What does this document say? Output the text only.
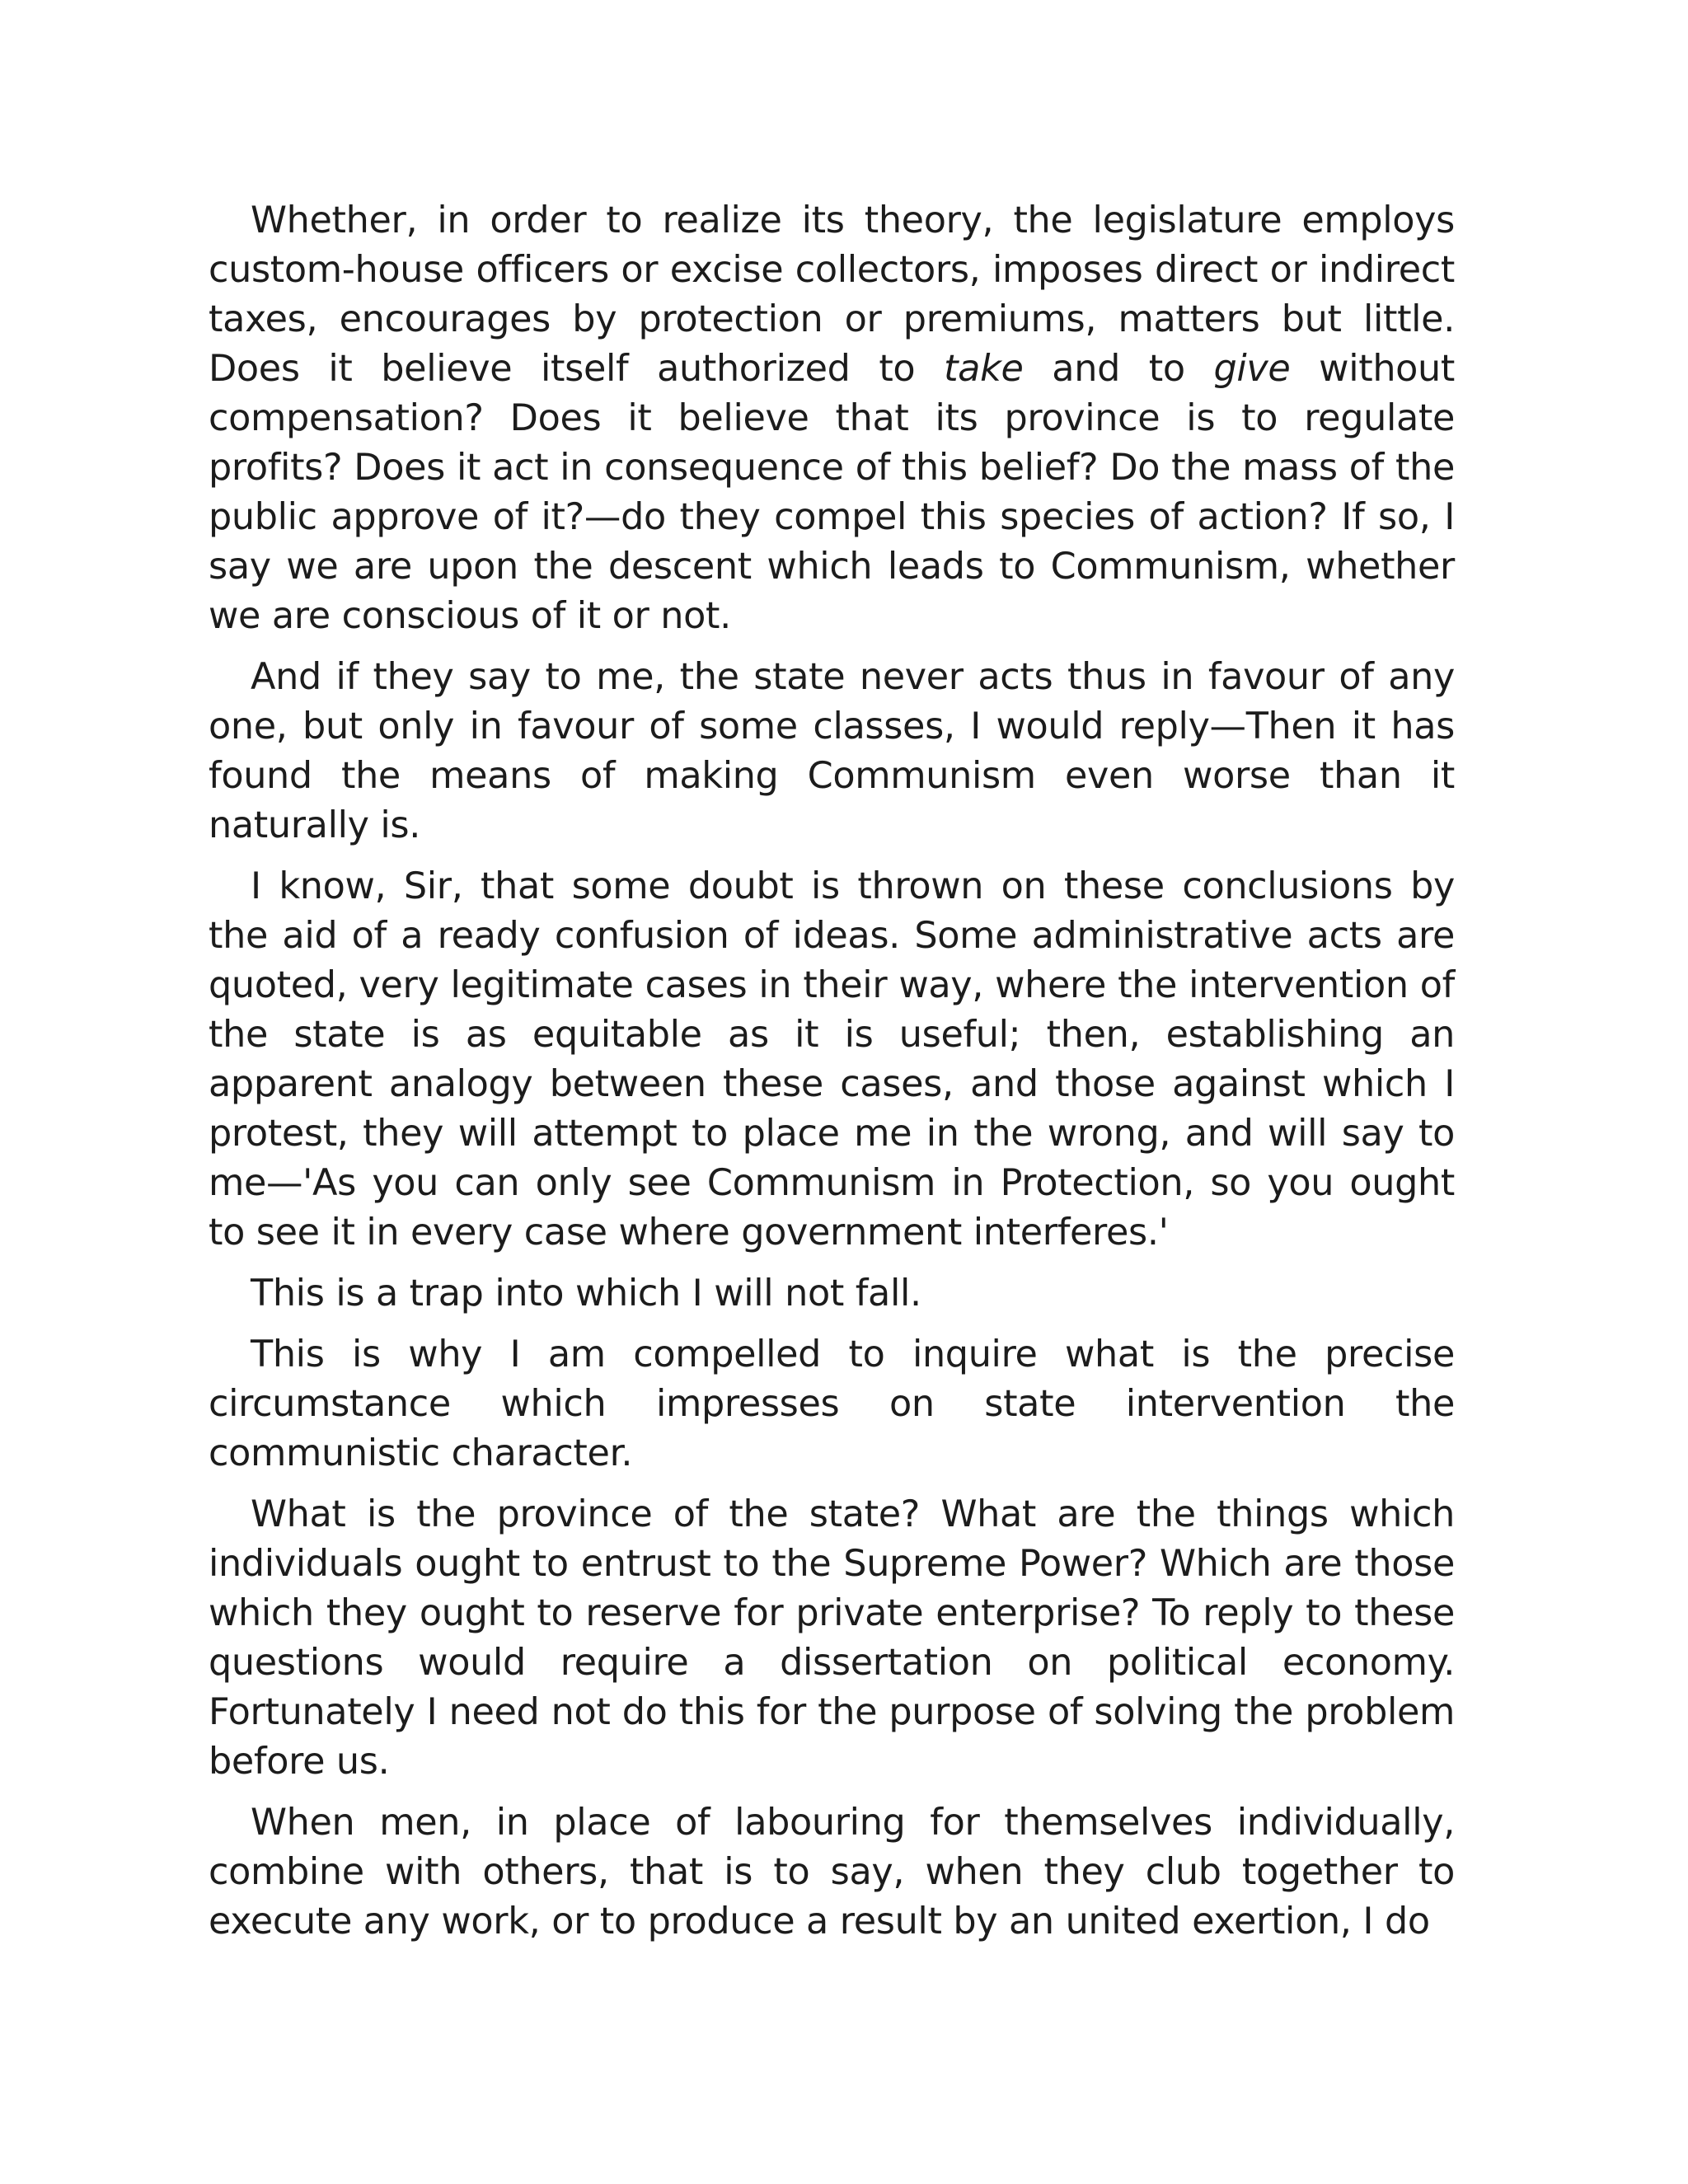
Whether, in order to realize its theory, the legislature employs custom-house officers or excise collectors, imposes direct or indirect taxes, encourages by protection or premiums, matters but little. Does it believe itself authorized to take and to give without compensation? Does it believe that its province is to regulate profits? Does it act in consequence of this belief? Do the mass of the public approve of it?—do they compel this species of action? If so, I say we are upon the descent which leads to Communism, whether we are conscious of it or not.

And if they say to me, the state never acts thus in favour of any one, but only in favour of some classes, I would reply—Then it has found the means of making Communism even worse than it naturally is.

I know, Sir, that some doubt is thrown on these conclusions by the aid of a ready confusion of ideas. Some administrative acts are quoted, very legitimate cases in their way, where the intervention of the state is as equitable as it is useful; then, establishing an apparent analogy between these cases, and those against which I protest, they will attempt to place me in the wrong, and will say to me—'As you can only see Communism in Protection, so you ought to see it in every case where government interferes.'

This is a trap into which I will not fall.

This is why I am compelled to inquire what is the precise circumstance which impresses on state intervention the communistic character.

What is the province of the state? What are the things which individuals ought to entrust to the Supreme Power? Which are those which they ought to reserve for private enterprise? To reply to these questions would require a dissertation on political economy. Fortunately I need not do this for the purpose of solving the problem before us.

When men, in place of labouring for themselves individually, combine with others, that is to say, when they club together to execute any work, or to produce a result by an united exertion, I do
